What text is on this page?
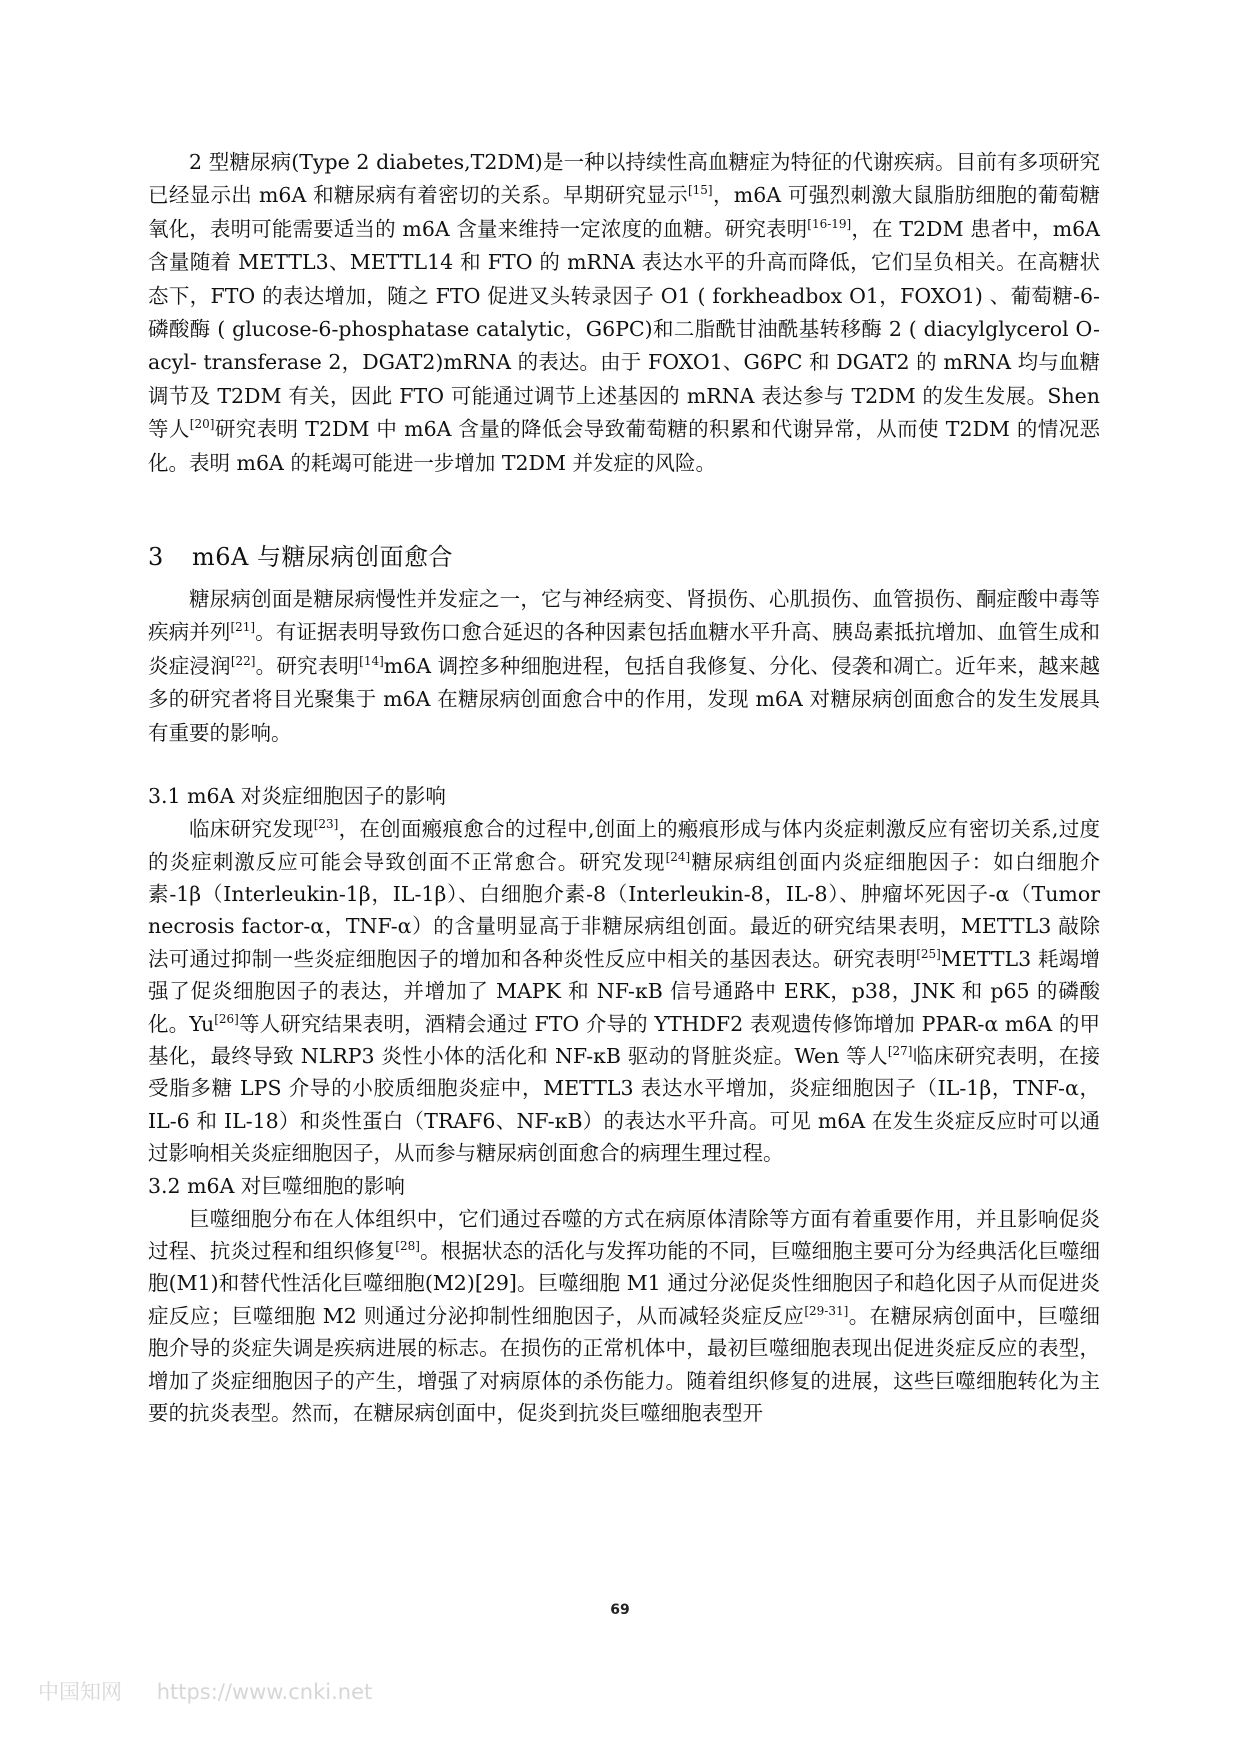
2 型糖尿病(Type 2 diabetes,T2DM)是一种以持续性高血糖症为特征的代谢疾病。目前有多项研究已经显示出 m6A 和糖尿病有着密切的关系。早期研究显示[15]，m6A 可强烈刺激大鼠脂肪细胞的葡萄糖氧化，表明可能需要适当的 m6A 含量来维持一定浓度的血糖。研究表明[16-19]，在 T2DM 患者中，m6A 含量随着 METTL3、METTL14 和 FTO 的 mRNA 表达水平的升高而降低，它们呈负相关。在高糖状态下，FTO 的表达增加，随之 FTO 促进叉头转录因子 O1 ( forkheadbox O1，FOXO1) 、葡萄糖-6-磷酸酶 ( glucose-6-phosphatase catalytic，G6PC)和二脂酰甘油酰基转移酶 2 ( diacylglycerol O-acyl- transferase 2，DGAT2)mRNA 的表达。由于 FOXO1、G6PC 和 DGAT2 的 mRNA 均与血糖调节及 T2DM 有关，因此 FTO 可能通过调节上述基因的 mRNA 表达参与 T2DM 的发生发展。Shen 等人[20]研究表明 T2DM 中 m6A 含量的降低会导致葡萄糖的积累和代谢异常，从而使 T2DM 的情况恶化。表明 m6A 的耗竭可能进一步增加 T2DM 并发症的风险。

3 m6A 与糖尿病创面愈合

糖尿病创面是糖尿病慢性并发症之一，它与神经病变、肾损伤、心肌损伤、血管损伤、酮症酸中毒等疾病并列[21]。有证据表明导致伤口愈合延迟的各种因素包括血糖水平升高、胰岛素抵抗增加、血管生成和炎症浸润[22]。研究表明[14]m6A 调控多种细胞进程，包括自我修复、分化、侵袭和凋亡。近年来，越来越多的研究者将目光聚集于 m6A 在糖尿病创面愈合中的作用，发现 m6A 对糖尿病创面愈合的发生发展具有重要的影响。

3.1 m6A 对炎症细胞因子的影响

临床研究发现[23]，在创面瘢痕愈合的过程中,创面上的瘢痕形成与体内炎症刺激反应有密切关系,过度的炎症刺激反应可能会导致创面不正常愈合。研究发现[24]糖尿病组创面内炎症细胞因子：如白细胞介素-1β（Interleukin-1β，IL-1β）、白细胞介素-8（Interleukin-8，IL-8）、肿瘤坏死因子-α（Tumor necrosis factor-α，TNF-α）的含量明显高于非糖尿病组创面。最近的研究结果表明，METTL3 敲除法可通过抑制一些炎症细胞因子的增加和各种炎性反应中相关的基因表达。研究表明[25]METTL3 耗竭增强了促炎细胞因子的表达，并增加了 MAPK 和 NF-κB 信号通路中 ERK，p38，JNK 和 p65 的磷酸化。Yu[26]等人研究结果表明，酒精会通过 FTO 介导的 YTHDF2 表观遗传修饰增加 PPAR-α m6A 的甲基化，最终导致 NLRP3 炎性小体的活化和 NF-κB 驱动的肾脏炎症。Wen 等人[27]临床研究表明，在接受脂多糖 LPS 介导的小胶质细胞炎症中，METTL3 表达水平增加，炎症细胞因子（IL-1β，TNF-α，IL-6 和 IL-18）和炎性蛋白（TRAF6、NF-κB）的表达水平升高。可见 m6A 在发生炎症反应时可以通过影响相关炎症细胞因子，从而参与糖尿病创面愈合的病理生理过程。

3.2 m6A 对巨噬细胞的影响

巨噬细胞分布在人体组织中，它们通过吞噬的方式在病原体清除等方面有着重要作用，并且影响促炎过程、抗炎过程和组织修复[28]。根据状态的活化与发挥功能的不同，巨噬细胞主要可分为经典活化巨噬细胞(M1)和替代性活化巨噬细胞(M2)[29]。巨噬细胞 M1 通过分泌促炎性细胞因子和趋化因子从而促进炎症反应；巨噬细胞 M2 则通过分泌抑制性细胞因子，从而减轻炎症反应[29-31]。在糖尿病创面中，巨噬细胞介导的炎症失调是疾病进展的标志。在损伤的正常机体中，最初巨噬细胞表现出促进炎症反应的表型，增加了炎症细胞因子的产生，增强了对病原体的杀伤能力。随着组织修复的进展，这些巨噬细胞转化为主要的抗炎表型。然而，在糖尿病创面中，促炎到抗炎巨噬细胞表型开

69
中国知网 https://www.cnki.net
